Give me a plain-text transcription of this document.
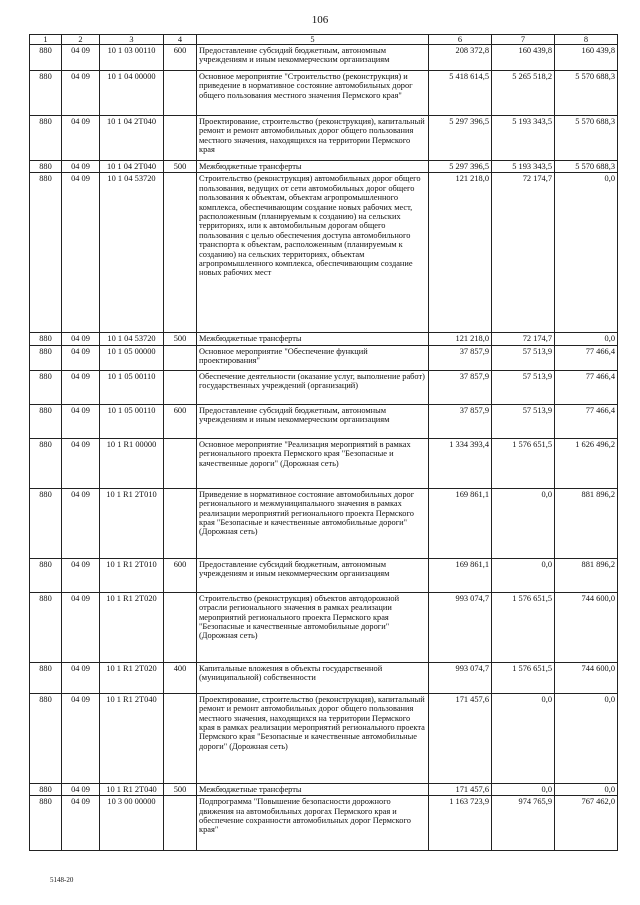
106
1	2	3	4	5	6	7	8
880	04 09	10 1 03 00110	600	Предоставление субсидий бюджетным, автономным учреждениям и иным некоммерческим организациям	208 372,8	160 439,8	160 439,8
880	04 09	10 1 04 00000		Основное мероприятие "Строительство (реконструкция) и приведение в нормативное состояние автомобильных дорог общего пользования местного значения Пермского края"	5 418 614,5	5 265 518,2	5 570 688,3
880	04 09	10 1 04 2Т040		Проектирование, строительство (реконструкция), капитальный ремонт и ремонт автомобильных дорог общего пользования местного значения, находящихся на территории Пермского края	5 297 396,5	5 193 343,5	5 570 688,3
880	04 09	10 1 04 2Т040	500	Межбюджетные трансферты	5 297 396,5	5 193 343,5	5 570 688,3
880	04 09	10 1 04 53720		Строительство (реконструкция) автомобильных дорог общего пользования, ведущих от сети автомобильных дорог общего пользования к объектам, объектам агропромышленного комплекса, обеспечивающим создание новых рабочих мест, расположенным (планируемым к созданию) на сельских территориях, или к автомобильным дорогам общего пользования с целью обеспечения доступа автомобильного транспорта к объектам, расположенным (планируемым к созданию) на сельских территориях, объектам агропромышленного комплекса, обеспечивающим создание новых рабочих мест	121 218,0	72 174,7	0,0
880	04 09	10 1 04 53720	500	Межбюджетные трансферты	121 218,0	72 174,7	0,0
880	04 09	10 1 05 00000		Основное мероприятие "Обеспечение функций проектирования"	37 857,9	57 513,9	77 466,4
880	04 09	10 1 05 00110		Обеспечение деятельности (оказание услуг, выполнение работ) государственных учреждений (организаций)	37 857,9	57 513,9	77 466,4
880	04 09	10 1 05 00110	600	Предоставление субсидий бюджетным, автономным учреждениям и иным некоммерческим организациям	37 857,9	57 513,9	77 466,4
880	04 09	10 1 R1 00000		Основное мероприятие "Реализация мероприятий в рамках регионального проекта Пермского края "Безопасные и качественные дороги" (Дорожная сеть)	1 334 393,4	1 576 651,5	1 626 496,2
880	04 09	10 1 R1 2Т010		Приведение в нормативное состояние автомобильных дорог регионального и межмуниципального значения в рамках реализации мероприятий регионального проекта Пермского края "Безопасные и качественные автомобильные дороги" (Дорожная сеть)	169 861,1	0,0	881 896,2
880	04 09	10 1 R1 2Т010	600	Предоставление субсидий бюджетным, автономным учреждениям и иным некоммерческим организациям	169 861,1	0,0	881 896,2
880	04 09	10 1 R1 2Т020		Строительство (реконструкция) объектов автодорожной отрасли регионального значения в рамках реализации мероприятий регионального проекта Пермского края "Безопасные и качественные автомобильные дороги" (Дорожная сеть)	993 074,7	1 576 651,5	744 600,0
880	04 09	10 1 R1 2Т020	400	Капитальные вложения в объекты государственной (муниципальной) собственности	993 074,7	1 576 651,5	744 600,0
880	04 09	10 1 R1 2Т040		Проектирование, строительство (реконструкция), капитальный ремонт и ремонт автомобильных дорог общего пользования местного значения, находящихся на территории Пермского края в рамках реализации мероприятий регионального проекта Пермского края "Безопасные и качественные автомобильные дороги" (Дорожная сеть)	171 457,6	0,0	0,0
880	04 09	10 1 R1 2Т040	500	Межбюджетные трансферты	171 457,6	0,0	0,0
880	04 09	10 3 00 00000		Подпрограмма "Повышение безопасности дорожного движения на автомобильных дорогах Пермского края и обеспечение сохранности автомобильных дорог Пермского края"	1 163 723,9	974 765,9	767 462,0
5148-20
